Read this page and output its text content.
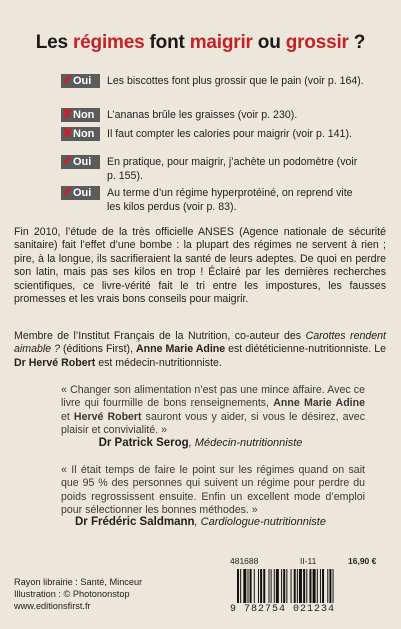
Les régimes font maigrir ou grossir ?
✔ Oui	Les biscottes font plus grossir que le pain (voir p. 164).
✘ Non	L’ananas brûle les graisses (voir p. 230).
✘ Non	Il faut compter les calories pour maigrir (voir p. 141).
✔ Oui	En pratique, pour maigrir, j’achète un podomètre (voir p. 155).
✔ Oui	Au terme d’un régime hyperprotéiné, on reprend vite les kilos perdus (voir p. 83).
Fin 2010, l’étude de la très officielle ANSES (Agence nationale de sécurité sanitaire) fait l’effet d’une bombe : la plupart des régimes ne servent à rien ; pire, à la longue, ils sacrifieraient la santé de leurs adeptes. De quoi en perdre son latin, mais pas ses kilos en trop ! Éclairé par les dernières recherches scientifiques, ce livre-vérité fait le tri entre les impostures, les fausses promesses et les vrais bons conseils pour maigrir.
Membre de l’Institut Français de la Nutrition, co-auteur des Carottes rendent aimable ? (éditions First), Anne Marie Adine est diététicienne-nutritionniste. Le Dr Hervé Robert est médecin-nutritionniste.
« Changer son alimentation n’est pas une mince affaire. Avec ce livre qui fourmille de bons renseignements, Anne Marie Adine et Hervé Robert sauront vous y aider, si vous le désirez, avec plaisir et convivialité. »
Dr Patrick Serog, Médecin-nutritionniste
« Il était temps de faire le point sur les régimes quand on sait que 95 % des personnes qui suivent un régime pour perdre du poids regrossissent ensuite. Enfin un excellent mode d’emploi pour sélectionner les bonnes méthodes. »
Dr Frédéric Saldmann, Cardiologue-nutritionniste
Rayon librairie : Santé, Minceur
Illustration : © Photononstop
www.editionsfirst.fr
481688	II-11	16,90 €
9 782754 021234
